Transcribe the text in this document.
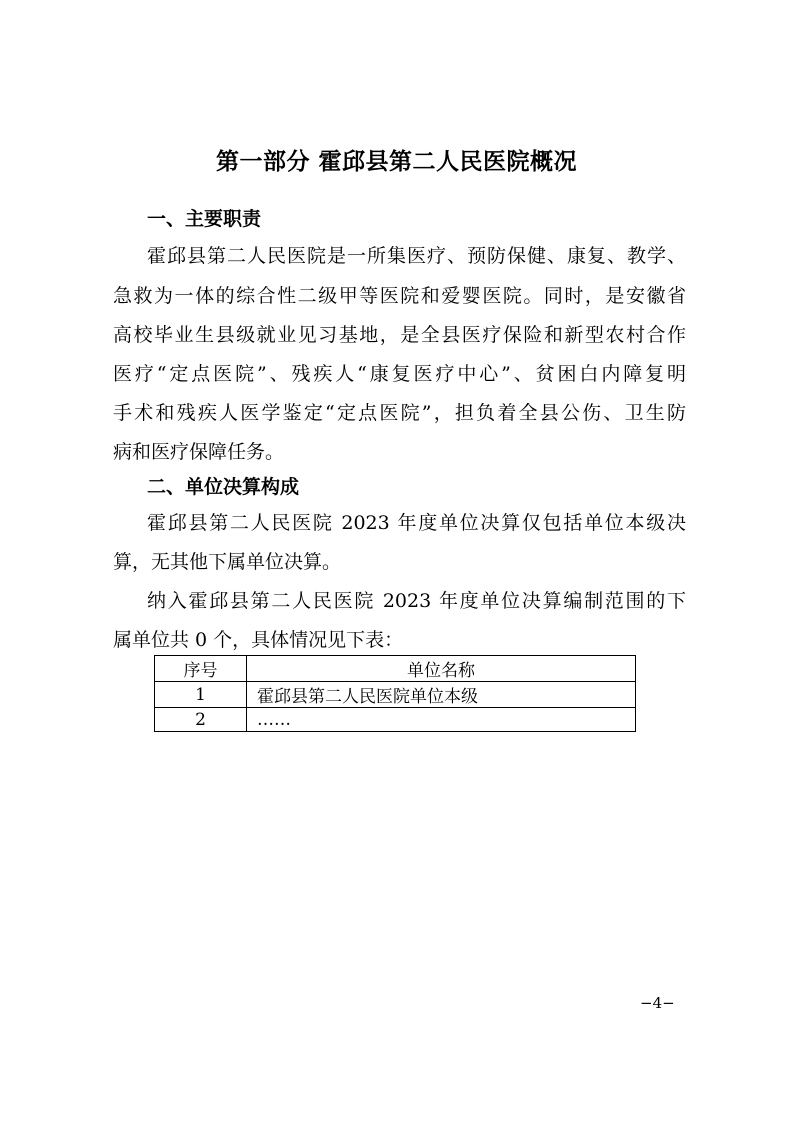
第一部分 霍邱县第二人民医院概况
一、主要职责
霍邱县第二人民医院是一所集医疗、预防保健、康复、教学、
急救为一体的综合性二级甲等医院和爱婴医院。同时，是安徽省
高校毕业生县级就业见习基地，是全县医疗保险和新型农村合作
医疗“定点医院”、残疾人“康复医疗中心”、贫困白内障复明
手术和残疾人医学鉴定“定点医院”，担负着全县公伤、卫生防
病和医疗保障任务。
二、单位决算构成
霍邱县第二人民医院 2023 年度单位决算仅包括单位本级决
算，无其他下属单位决算。
纳入霍邱县第二人民医院 2023 年度单位决算编制范围的下
属单位共 0 个，具体情况见下表：
序号	单位名称
1	霍邱县第二人民医院单位本级
2	……
−4−
